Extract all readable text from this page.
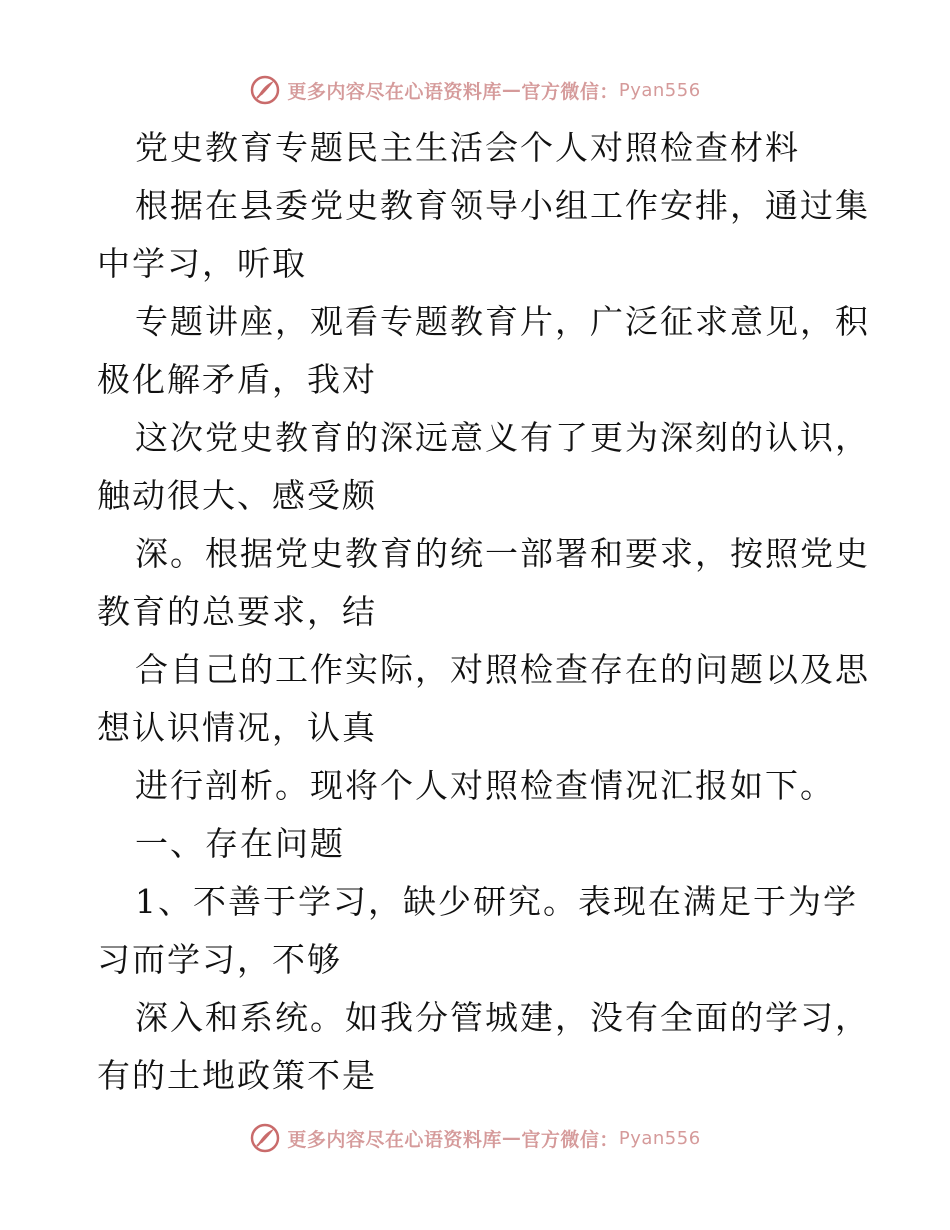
更多内容尽在心语资料库 — 官方微信： Pyan556
党史教育专题民主生活会个人对照检查材料
根据在县委党史教育领导小组工作安排，通过集
中学习，听取
专题讲座，观看专题教育片，广泛征求意见，积
极化解矛盾，我对
这次党史教育的深远意义有了更为深刻的认识，
触动很大、感受颇
深。根据党史教育的统一部署和要求，按照党史
教育的总要求，结
合自己的工作实际，对照检查存在的问题以及思
想认识情况，认真
进行剖析。现将个人对照检查情况汇报如下。
一、存在问题
1、不善于学习，缺少研究。表现在满足于为学
习而学习，不够
深入和系统。如我分管城建，没有全面的学习，
有的土地政策不是
更多内容尽在心语资料库 — 官方微信： Pyan556
